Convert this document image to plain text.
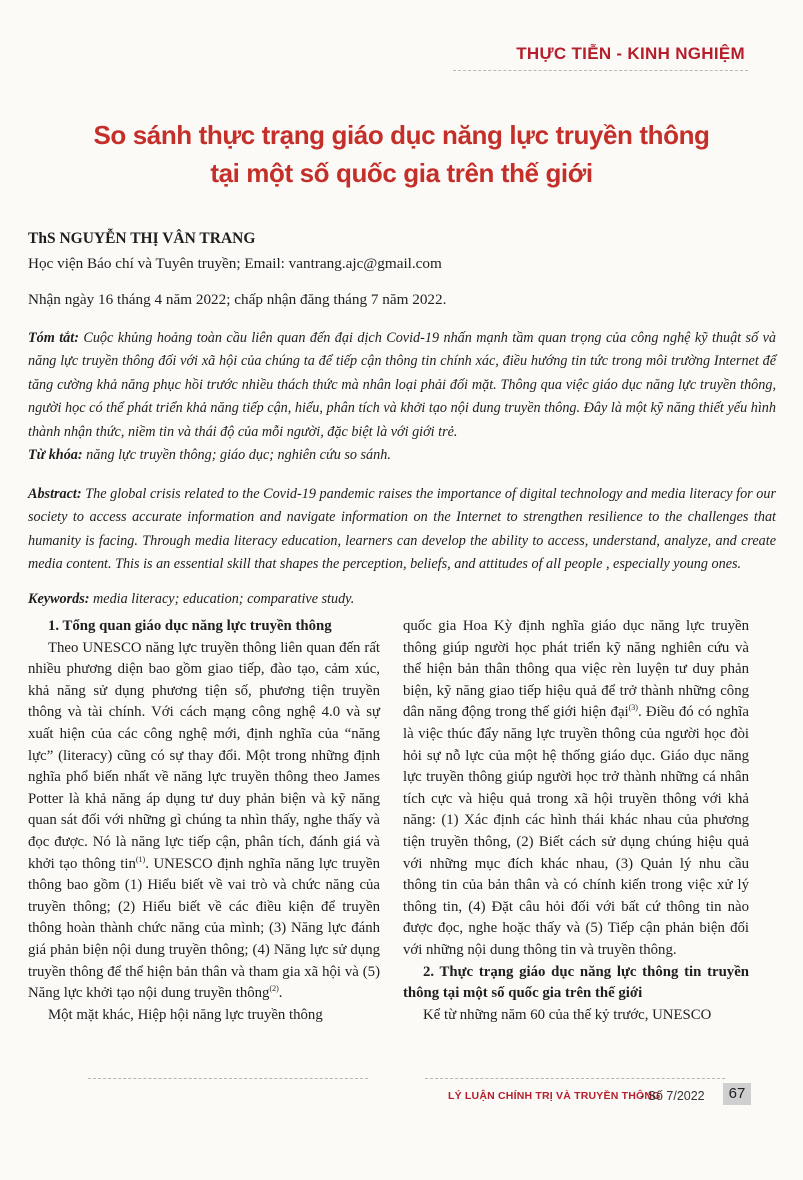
THỰC TIỄN - KINH NGHIỆM
So sánh thực trạng giáo dục năng lực truyền thông
tại một số quốc gia trên thế giới
ThS NGUYỄN THỊ VÂN TRANG
Học viện Báo chí và Tuyên truyền; Email: vantrang.ajc@gmail.com
Nhận ngày 16 tháng 4 năm 2022; chấp nhận đăng tháng 7 năm 2022.
Tóm tắt: Cuộc khủng hoảng toàn cầu liên quan đến đại dịch Covid-19 nhấn mạnh tầm quan trọng của công nghệ kỹ thuật số và năng lực truyền thông đối với xã hội của chúng ta để tiếp cận thông tin chính xác, điều hướng tin tức trong môi trường Internet để tăng cường khả năng phục hồi trước nhiều thách thức mà nhân loại phải đối mặt. Thông qua việc giáo dục năng lực truyền thông, người học có thể phát triển khả năng tiếp cận, hiểu, phân tích và khởi tạo nội dung truyền thông. Đây là một kỹ năng thiết yếu hình thành nhận thức, niềm tin và thái độ của mỗi người, đặc biệt là với giới trẻ.
Từ khóa: năng lực truyền thông; giáo dục; nghiên cứu so sánh.
Abstract: The global crisis related to the Covid-19 pandemic raises the importance of digital technology and media literacy for our society to access accurate information and navigate information on the Internet to strengthen resilience to the challenges that humanity is facing. Through media literacy education, learners can develop the ability to access, understand, analyze, and create media content. This is an essential skill that shapes the perception, beliefs, and attitudes of all people , especially young ones.
Keywords: media literacy; education; comparative study.
1. Tổng quan giáo dục năng lực truyền thông

Theo UNESCO năng lực truyền thông liên quan đến rất nhiều phương diện bao gồm giao tiếp, đào tạo, cảm xúc, khả năng sử dụng phương tiện số, phương tiện truyền thông và tài chính. Với cách mạng công nghệ 4.0 và sự xuất hiện của các công nghệ mới, định nghĩa của “năng lực” (literacy) cũng có sự thay đổi. Một trong những định nghĩa phổ biến nhất về năng lực truyền thông theo James Potter là khả năng áp dụng tư duy phản biện và kỹ năng quan sát đối với những gì chúng ta nhìn thấy, nghe thấy và đọc được. Nó là năng lực tiếp cận, phân tích, đánh giá và khởi tạo thông tin$^{(1)}$. UNESCO định nghĩa năng lực truyền thông bao gồm (1) Hiểu biết về vai trò và chức năng của truyền thông; (2) Hiểu biết về các điều kiện để truyền thông hoàn thành chức năng của mình; (3) Năng lực đánh giá phản biện nội dung truyền thông; (4) Năng lực sử dụng truyền thông để thể hiện bản thân và tham gia xã hội và (5) Năng lực khởi tạo nội dung truyền thông$^{(2)}$.

Một mặt khác, Hiệp hội năng lực truyền thông

quốc gia Hoa Kỳ định nghĩa giáo dục năng lực truyền thông giúp người học phát triển kỹ năng nghiên cứu và thể hiện bản thân thông qua việc rèn luyện tư duy phản biện, kỹ năng giao tiếp hiệu quả để trở thành những công dân năng động trong thế giới hiện đại$^{(3)}$. Điều đó có nghĩa là việc thúc đẩy năng lực truyền thông của người học đòi hỏi sự nỗ lực của một hệ thống giáo dục. Giáo dục năng lực truyền thông giúp người học trở thành những cá nhân tích cực và hiệu quả trong xã hội truyền thông với khả năng: (1) Xác định các hình thái khác nhau của phương tiện truyền thông, (2) Biết cách sử dụng chúng hiệu quả với những mục đích khác nhau, (3) Quản lý nhu cầu thông tin của bản thân và có chính kiến trong việc xử lý thông tin, (4) Đặt câu hỏi đối với bất cứ thông tin nào được đọc, nghe hoặc thấy và (5) Tiếp cận phản biện đối với những nội dung thông tin và truyền thông.

2. Thực trạng giáo dục năng lực thông tin truyền thông tại một số quốc gia trên thế giới

Kể từ những năm 60 của thế kỷ trước, UNESCO

LÝ LUẬN CHÍNH TRỊ VÀ TRUYỀN THÔNG
- Số 7/2022	67
